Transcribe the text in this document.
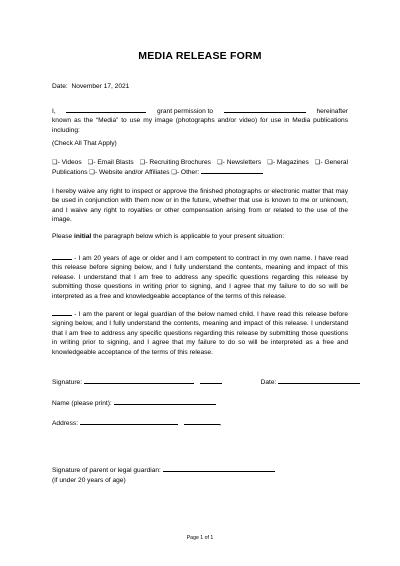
MEDIA RELEASE FORM
Date: November 17, 2021
I,	grant permission to	hereinafter
known as the “Media” to use my image (photographs and/or video) for use in Media publications
including:
(Check All That Apply)
❏- Videos ❏- Email Blasts ❏- Recruiting Brochures ❏- Newsletters ❏- Magazines ❏- General
Publications ❏- Website and/or Affiliates ❏- Other:
I hereby waive any right to inspect or approve the finished photographs or electronic matter that may be used in conjunction with them now or in the future, whether that use is known to me or unknown, and I waive any right to royalties or other compensation arising from or related to the use of the image.
Please initial the paragraph below which is applicable to your present situation:
- I am 20 years of age or older and I am competent to contract in my own name. I have read this release before signing below, and I fully understand the contents, meaning and impact of this release. I understand that I am free to address any specific questions regarding this release by submitting those questions in writing prior to signing, and I agree that my failure to do so will be interpreted as a free and knowledgeable acceptance of the terms of this release.
- I am the parent or legal guardian of the below named child. I have read this release before signing below, and I fully understand the contents, meaning and impact of this release. I understand that I am free to address any specific questions regarding this release by submitting those questions in writing prior to signing, and I agree that my failure to do so will be interpreted as a free and knowledgeable acceptance of the terms of this release.
Signature:	Date:
Name (please print):
Address:	,
Signature of parent or legal guardian:
(if under 20 years of age)
Page 1 of 1
